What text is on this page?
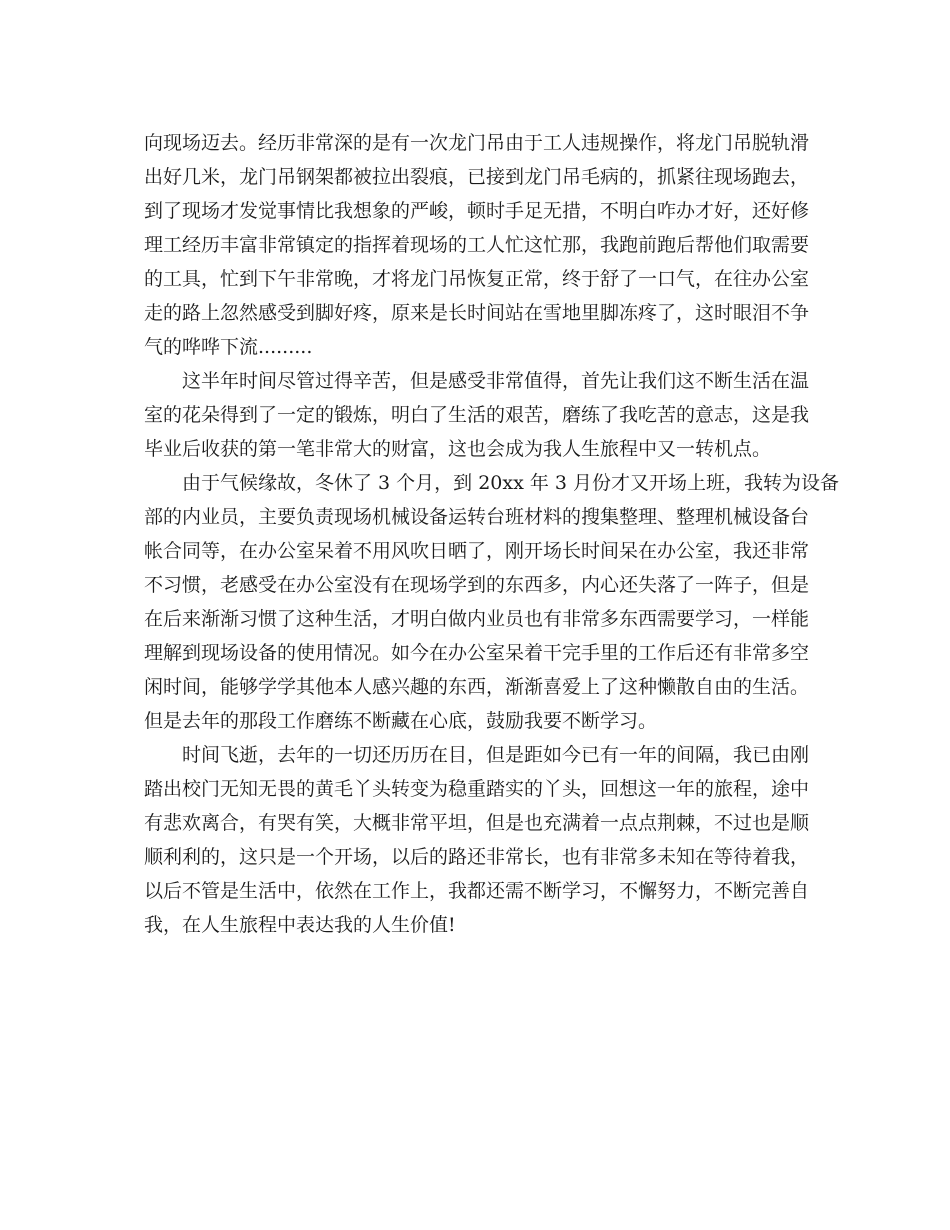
向现场迈去。经历非常深的是有一次龙门吊由于工人违规操作，将龙门吊脱轨滑
出好几米，龙门吊钢架都被拉出裂痕，已接到龙门吊毛病的，抓紧往现场跑去，
到了现场才发觉事情比我想象的严峻，顿时手足无措，不明白咋办才好，还好修
理工经历丰富非常镇定的指挥着现场的工人忙这忙那，我跑前跑后帮他们取需要
的工具，忙到下午非常晚，才将龙门吊恢复正常，终于舒了一口气，在往办公室
走的路上忽然感受到脚好疼，原来是长时间站在雪地里脚冻疼了，这时眼泪不争
气的哗哗下流.........
这半年时间尽管过得辛苦，但是感受非常值得，首先让我们这不断生活在温
室的花朵得到了一定的锻炼，明白了生活的艰苦，磨练了我吃苦的意志，这是我
毕业后收获的第一笔非常大的财富，这也会成为我人生旅程中又一转机点。
由于气候缘故，冬休了 3 个月，到 20xx 年 3 月份才又开场上班，我转为设备
部的内业员，主要负责现场机械设备运转台班材料的搜集整理、整理机械设备台
帐合同等，在办公室呆着不用风吹日晒了，刚开场长时间呆在办公室，我还非常
不习惯，老感受在办公室没有在现场学到的东西多，内心还失落了一阵子，但是
在后来渐渐习惯了这种生活，才明白做内业员也有非常多东西需要学习，一样能
理解到现场设备的使用情况。如今在办公室呆着干完手里的工作后还有非常多空
闲时间，能够学学其他本人感兴趣的东西，渐渐喜爱上了这种懒散自由的生活。
但是去年的那段工作磨练不断藏在心底，鼓励我要不断学习。
时间飞逝，去年的一切还历历在目，但是距如今已有一年的间隔，我已由刚
踏出校门无知无畏的黄毛丫头转变为稳重踏实的丫头，回想这一年的旅程，途中
有悲欢离合，有哭有笑，大概非常平坦，但是也充满着一点点荆棘，不过也是顺
顺利利的，这只是一个开场，以后的路还非常长，也有非常多未知在等待着我，
以后不管是生活中，依然在工作上，我都还需不断学习，不懈努力，不断完善自
我，在人生旅程中表达我的人生价值!
